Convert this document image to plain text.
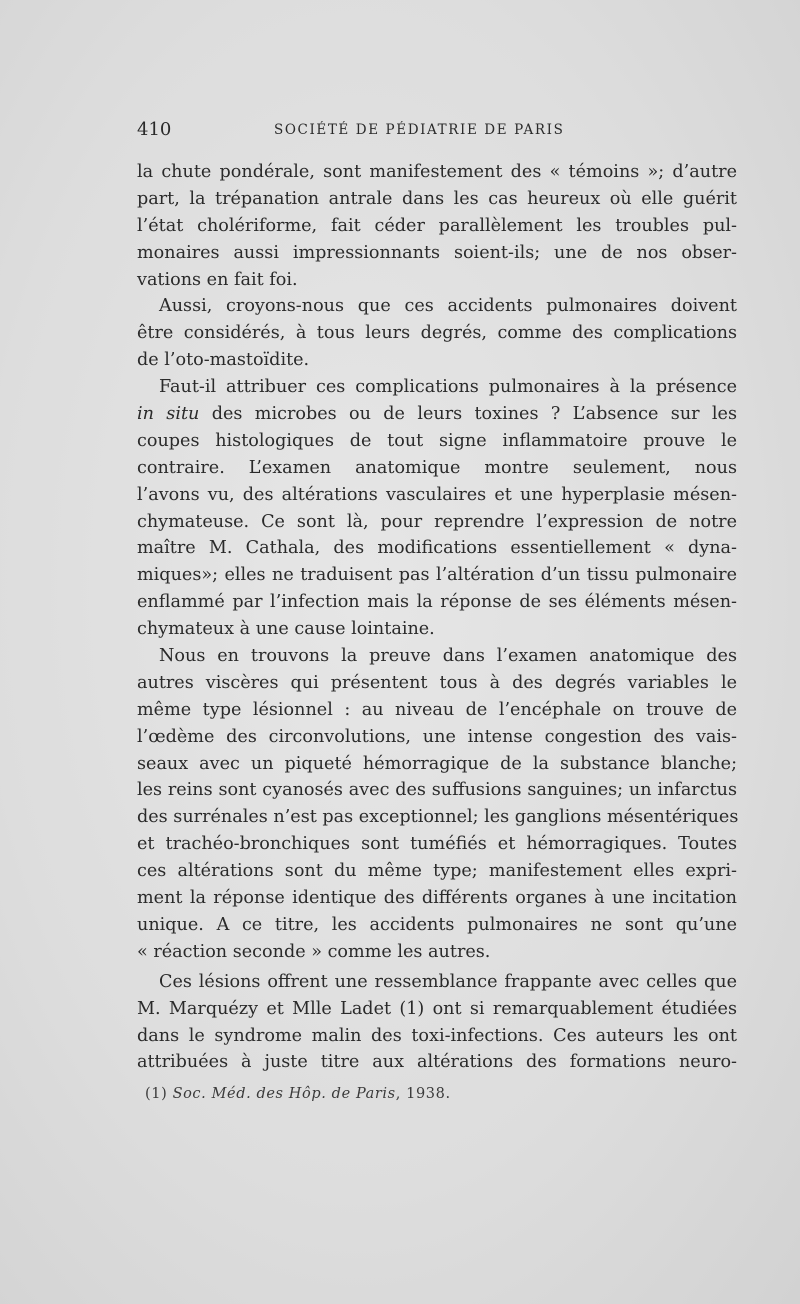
410	SOCIÉTÉ DE PÉDIATRIE DE PARIS
la chute pondérale, sont manifestement des « témoins »; d’autre
part, la trépanation antrale dans les cas heureux où elle guérit
l’état cholériforme, fait céder parallèlement les troubles pul-
monaires aussi impressionnants soient-ils; une de nos obser-
vations en fait foi.
Aussi, croyons-nous que ces accidents pulmonaires doivent
être considérés, à tous leurs degrés, comme des complications
de l’oto-mastoïdite.
Faut-il attribuer ces complications pulmonaires à la présence
in situ des microbes ou de leurs toxines ? L’absence sur les
coupes histologiques de tout signe inflammatoire prouve le
contraire. L’examen anatomique montre seulement, nous
l’avons vu, des altérations vasculaires et une hyperplasie mésen-
chymateuse. Ce sont là, pour reprendre l’expression de notre
maître M. Cathala, des modifications essentiellement « dyna-
miques»; elles ne traduisent pas l’altération d’un tissu pulmonaire
enflammé par l’infection mais la réponse de ses éléments mésen-
chymateux à une cause lointaine.
Nous en trouvons la preuve dans l’examen anatomique des
autres viscères qui présentent tous à des degrés variables le
même type lésionnel : au niveau de l’encéphale on trouve de
l’œdème des circonvolutions, une intense congestion des vais-
seaux avec un piqueté hémorragique de la substance blanche;
les reins sont cyanosés avec des suffusions sanguines; un infarctus
des surrénales n’est pas exceptionnel; les ganglions mésentériques
et trachéo-bronchiques sont tuméfiés et hémorragiques. Toutes
ces altérations sont du même type; manifestement elles expri-
ment la réponse identique des différents organes à une incitation
unique. A ce titre, les accidents pulmonaires ne sont qu’une
« réaction seconde » comme les autres.
Ces lésions offrent une ressemblance frappante avec celles que
M. Marquézy et Mlle Ladet (1) ont si remarquablement étudiées
dans le syndrome malin des toxi-infections. Ces auteurs les ont
attribuées à juste titre aux altérations des formations neuro-
(1) Soc. Méd. des Hôp. de Paris, 1938.
